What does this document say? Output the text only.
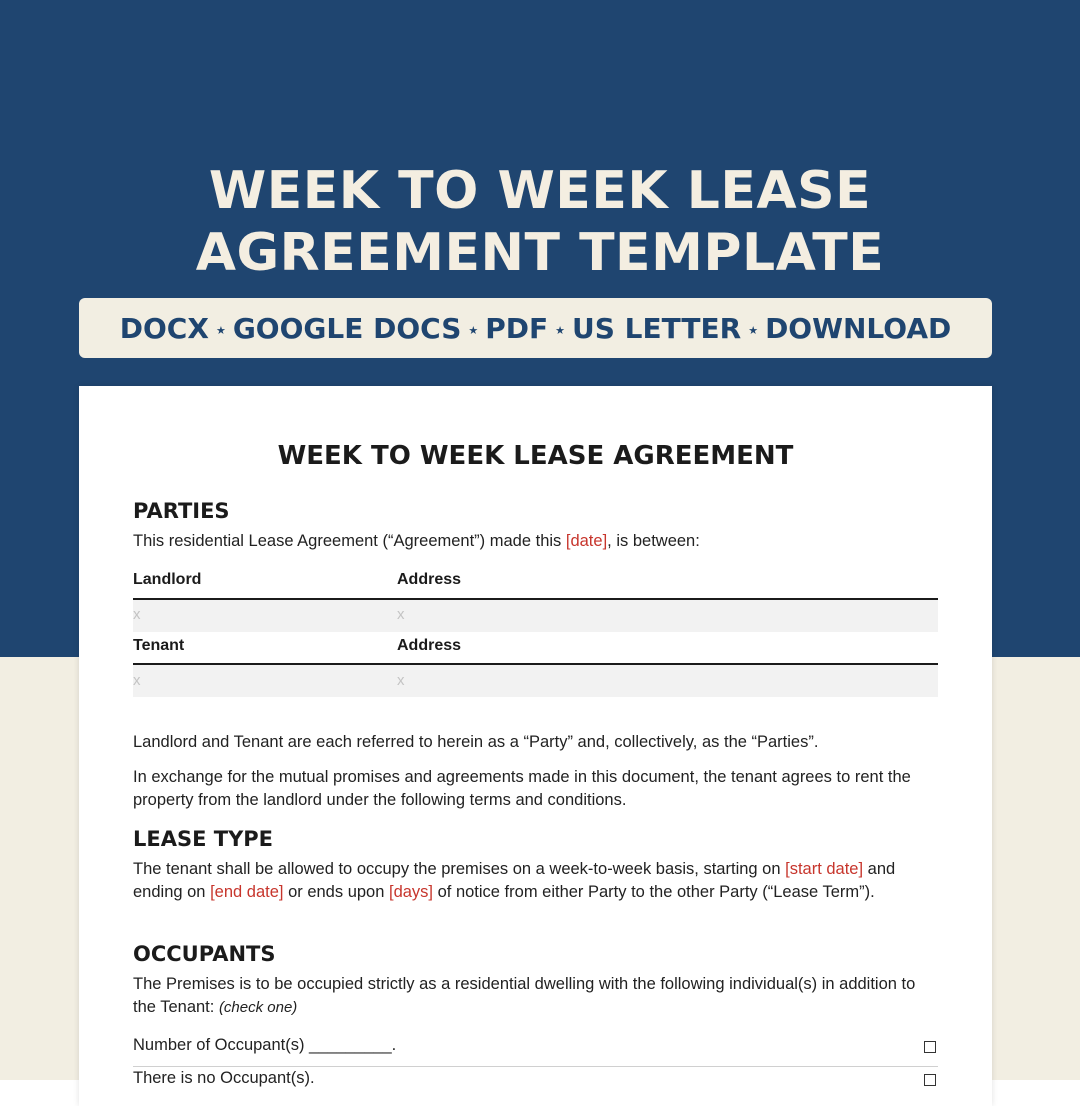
WEEK TO WEEK LEASE
AGREEMENT TEMPLATE
DOCX ★ GOOGLE DOCS ★ PDF ★ US LETTER ★ DOWNLOAD
WEEK TO WEEK LEASE AGREEMENT
PARTIES

This residential Lease Agreement (“Agreement”) made this [date], is between:

Landlord	Address
x	x
Tenant	Address
x	x

Landlord and Tenant are each referred to herein as a “Party” and, collectively, as the “Parties”.

In exchange for the mutual promises and agreements made in this document, the tenant agrees to rent the property from the landlord under the following terms and conditions.

LEASE TYPE

The tenant shall be allowed to occupy the premises on a week-to-week basis, starting on [start date] and ending on [end date] or ends upon [days] of notice from either Party to the other Party (“Lease Term”).

OCCUPANTS

The Premises is to be occupied strictly as a residential dwelling with the following individual(s) in addition to the Tenant: (check one)

Number of Occupant(s) _________.
There is no Occupant(s).
